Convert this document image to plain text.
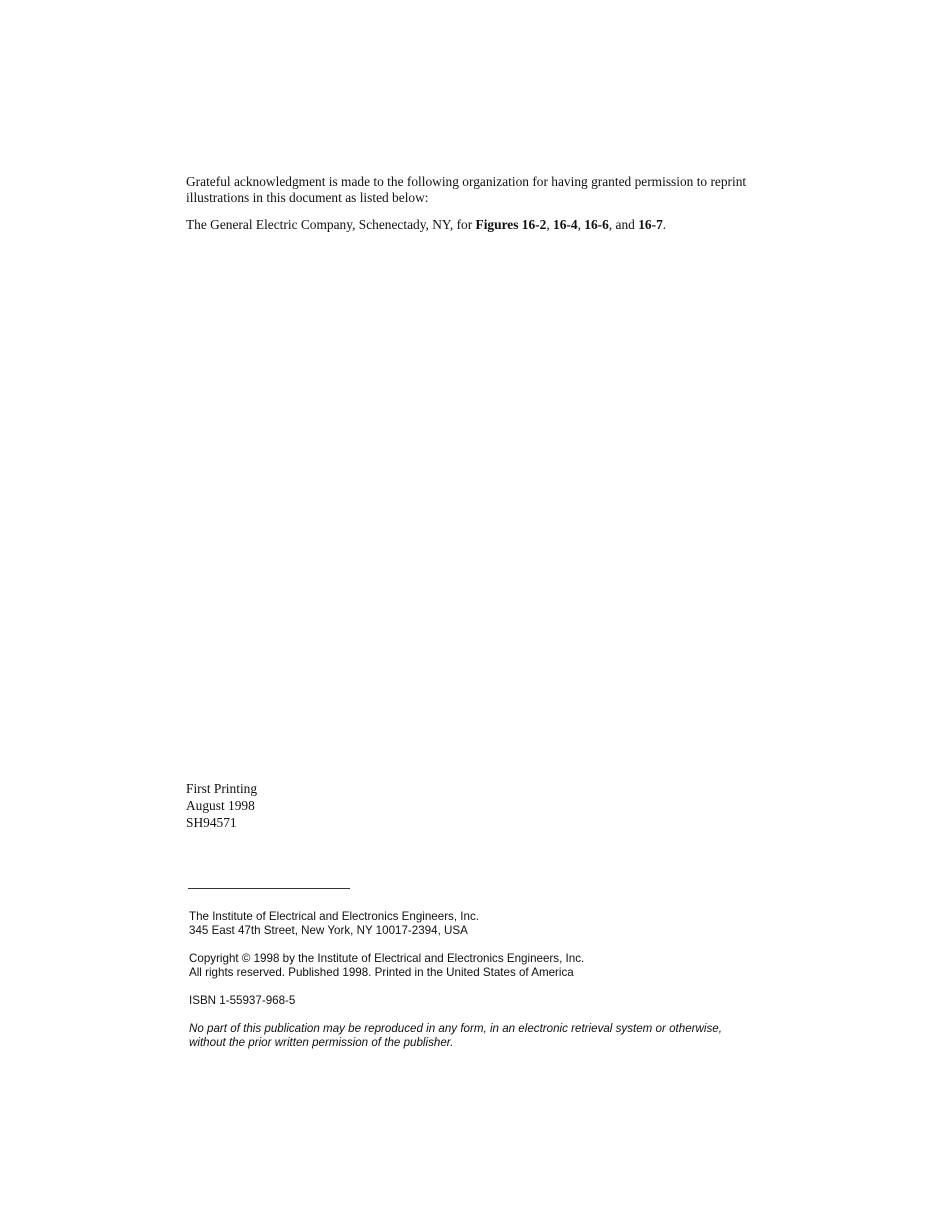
Grateful acknowledgment is made to the following organization for having granted permission to reprint

illustrations in this document as listed below:

The General Electric Company, Schenectady, NY, for Figures 16-2, 16-4, 16-6, and 16-7.
First Printing
August 1998
SH94571
The Institute of Electrical and Electronics Engineers, Inc.
345 East 47th Street, New York, NY 10017-2394, USA
Copyright © 1998 by the Institute of Electrical and Electronics Engineers, Inc.
All rights reserved. Published 1998. Printed in the United States of America
ISBN 1-55937-968-5
No part of this publication may be reproduced in any form, in an electronic retrieval system or otherwise,
without the prior written permission of the publisher.
